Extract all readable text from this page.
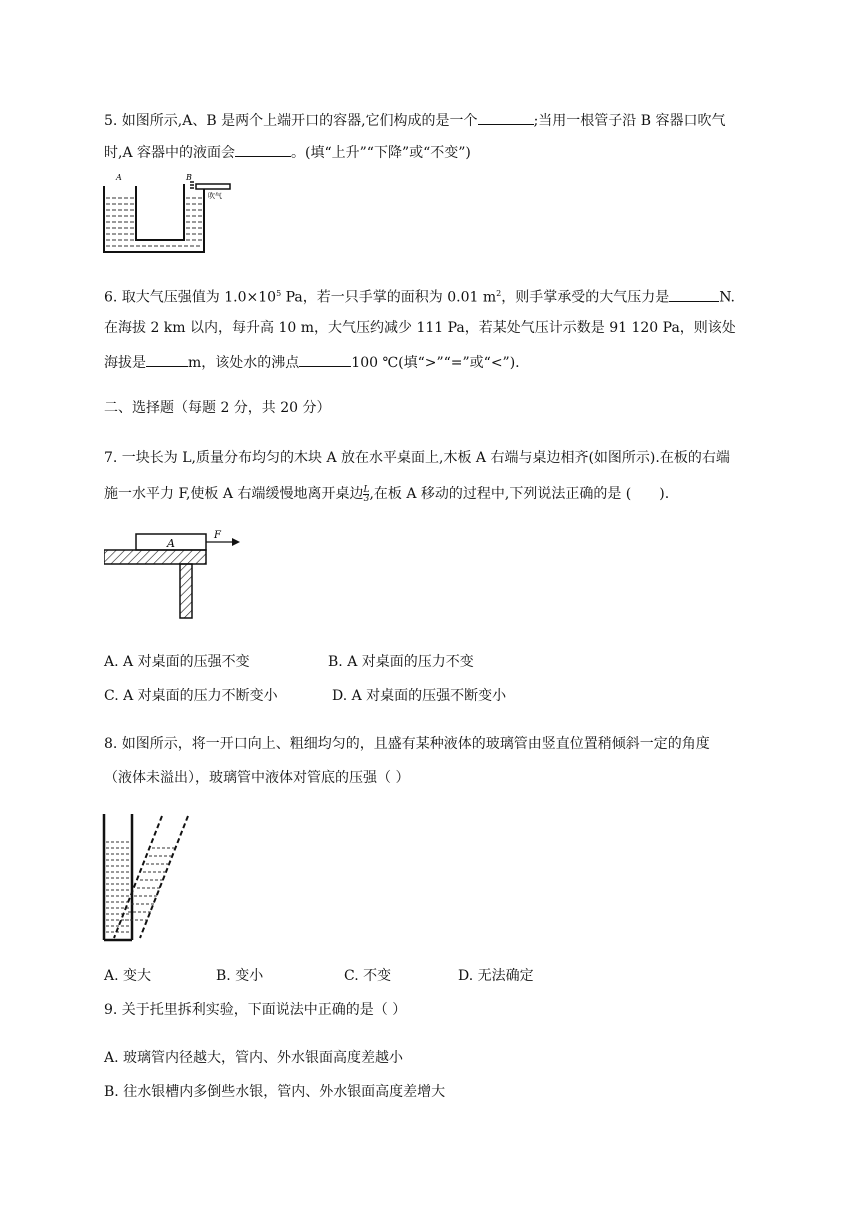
5. 如图所示,A、B 是两个上端开口的容器,它们构成的是一个	;当用一根管子沿 B 容器口吹气
时,A 容器中的液面会	。(填“上升”“下降”或“不变”)
A	B
吹气
6. 取大气压强值为 $1.0\times 10^5$ Pa，若一只手掌的面积为 0.01 $m^2$，则手掌承受的大气压力是	N.
在海拔 2 km 以内，每升高 10 m，大气压约减少 111 Pa，若某处气压计示数是 91 120 Pa，则该处
海拔是	m，该处水的沸点	100 ℃(填“>”“=”或“<”).
二、选择题（每题 2 分，共 20 分）
7. 一块长为 L,质量分布均匀的木块 A 放在水平桌面上,木板 A 右端与桌边相齐(如图所示).在板的右端
施一水平力 F,使板 A 右端缓慢地离开桌边 $\frac{L}{3}$ ,在板 A 移动的过程中,下列说法正确的是 ( ).
A
F
A. A 对桌面的压强不变	B. A 对桌面的压力不变
C. A 对桌面的压力不断变小	D. A 对桌面的压强不断变小
8. 如图所示，将一开口向上、粗细均匀的，且盛有某种液体的玻璃管由竖直位置稍倾斜一定的角度
（液体未溢出），玻璃管中液体对管底的压强（ ）
A. 变大	B. 变小	C. 不变	D. 无法确定
9. 关于托里拆利实验，下面说法中正确的是（ ）
A. 玻璃管内径越大，管内、外水银面高度差越小
B. 往水银槽内多倒些水银，管内、外水银面高度差增大
